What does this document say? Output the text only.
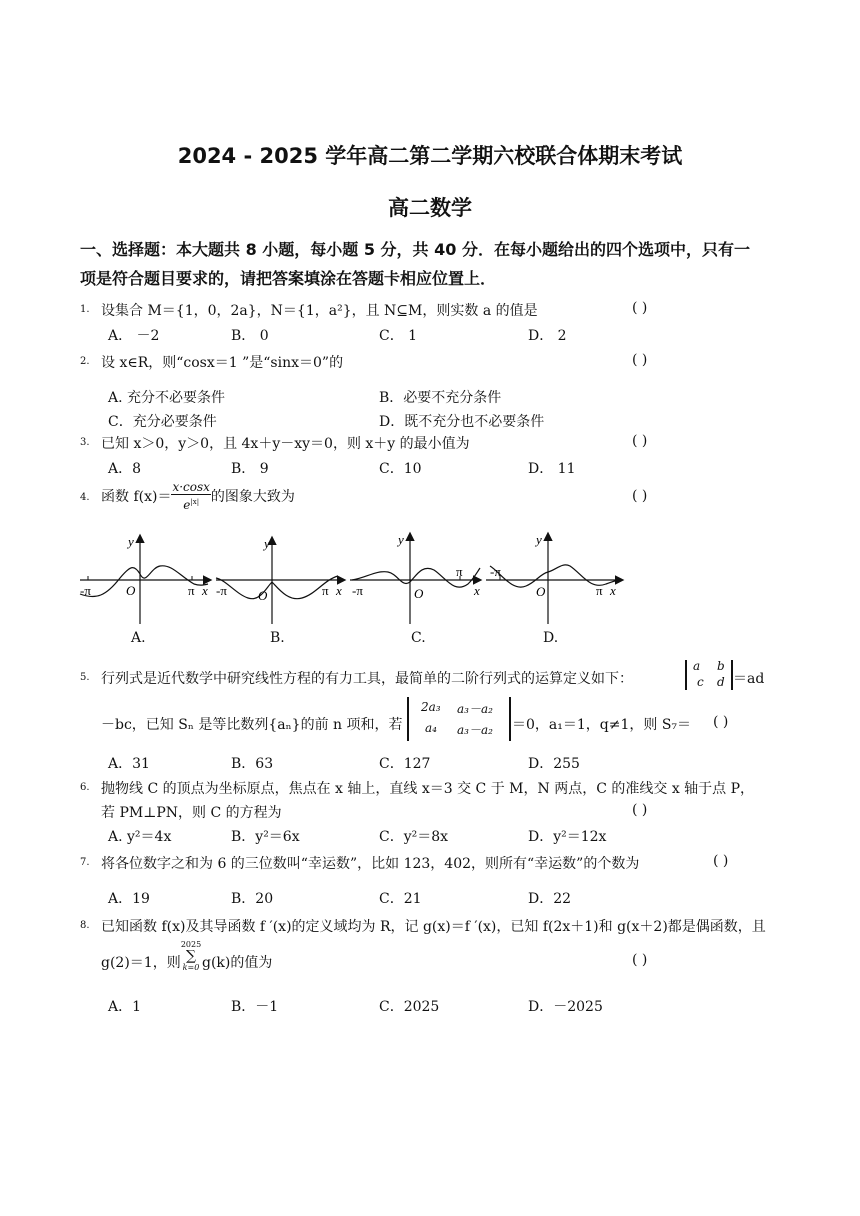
2024 - 2025 学年高二第二学期六校联合体期末考试
高二数学
一、选择题：本大题共 8 小题，每小题 5 分，共 40 分．在每小题给出的四个选项中，只有一
项是符合题目要求的，请把答案填涂在答题卡相应位置上．
1. 设集合 M＝{1，0，2a}，N＝{1，a²}，且 N⊆M，则实数 a 的值是	( )
A． －2	B． 0	C． 1	D． 2
2. 设 x∈R，则“cosx＝1 ”是“sinx＝0”的	( )
A. 充分不必要条件	B．必要不充分条件
C．充分必要条件	D．既不充分也不必要条件
3. 已知 x＞0，y＞0，且 4x＋y－xy＝0，则 x＋y 的最小值为	( )
A．8	B． 9	C．10	D． 11
4. 函数 $f(x)= \frac{x\cdot\cos x}{e^{|x|}}$ 的图象大致为	( )
-π	O	π x
y
-π O	π x
y
-π	O
π
x
y
-π
O	π x
y
A.	B.	C.	D.
5. 行列式是近代数学中研究线性方程的有力工具，最简单的二阶行列式的运算定义如下：
a b
c d ＝ad
－bc，已知 Sₙ 是等比数列{aₙ}的前 n 项和，若
2a₃ a₃－a₂
a₄ a₃－a₂ ＝0，a₁＝1，q≠1，则 S₇＝ ( )
A．31	B．63	C．127	D．255
6. 抛物线 C 的顶点为坐标原点，焦点在 x 轴上，直线 x＝3 交 C 于 M，N 两点，C 的准线交 x 轴于点 P，
若 PM⊥PN，则 C 的方程为	( )
A. y²＝4x	B．y²＝6x	C．y²＝8x	D．y²＝12x
7. 将各位数字之和为 6 的三位数叫“幸运数”，比如 123，402，则所有“幸运数”的个数为	( )
A．19	B．20	C．21	D．22
8. 已知函数 f(x)及其导函数 f ′(x)的定义域均为 R，记 g(x)＝f ′(x)，已知 f(2x＋1)和 g(x＋2)都是偶函数，且
g(2)＝1，则
2025
∑
k=0 g(k)的值为	( )
A．1	B．－1	C．2025	D．－2025
